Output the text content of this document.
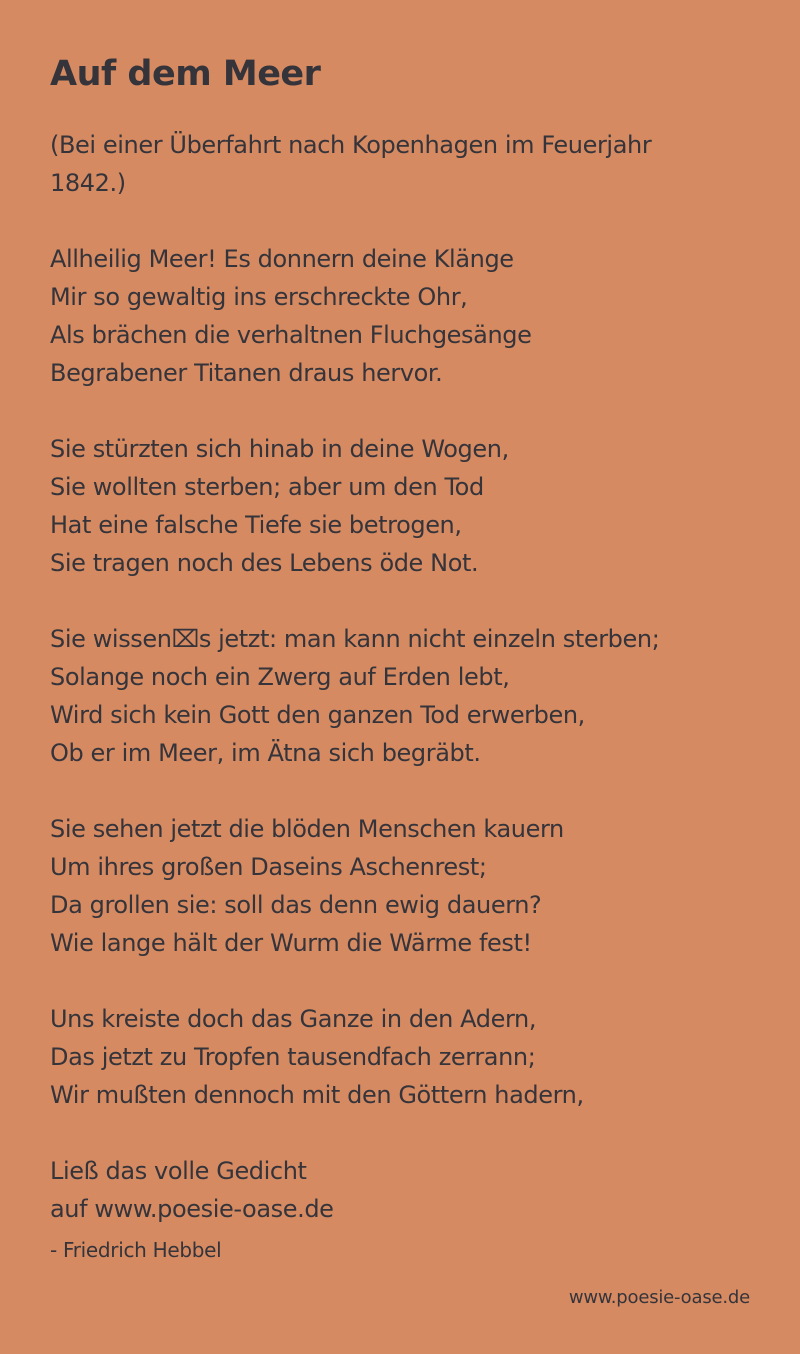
Auf dem Meer
(Bei einer Überfahrt nach Kopenhagen im Feuerjahr
1842.)
Allheilig Meer! Es donnern deine Klänge
Mir so gewaltig ins erschreckte Ohr,
Als brächen die verhaltnen Fluchgesänge
Begrabener Titanen draus hervor.
Sie stürzten sich hinab in deine Wogen,
Sie wollten sterben; aber um den Tod
Hat eine falsche Tiefe sie betrogen,
Sie tragen noch des Lebens öde Not.
Sie wissen⌧s jetzt: man kann nicht einzeln sterben;
Solange noch ein Zwerg auf Erden lebt,
Wird sich kein Gott den ganzen Tod erwerben,
Ob er im Meer, im Ätna sich begräbt.
Sie sehen jetzt die blöden Menschen kauern
Um ihres großen Daseins Aschenrest;
Da grollen sie: soll das denn ewig dauern?
Wie lange hält der Wurm die Wärme fest!
Uns kreiste doch das Ganze in den Adern,
Das jetzt zu Tropfen tausendfach zerrann;
Wir mußten dennoch mit den Göttern hadern,
Ließ das volle Gedicht
auf www.poesie-oase.de
- Friedrich Hebbel
www.poesie-oase.de
